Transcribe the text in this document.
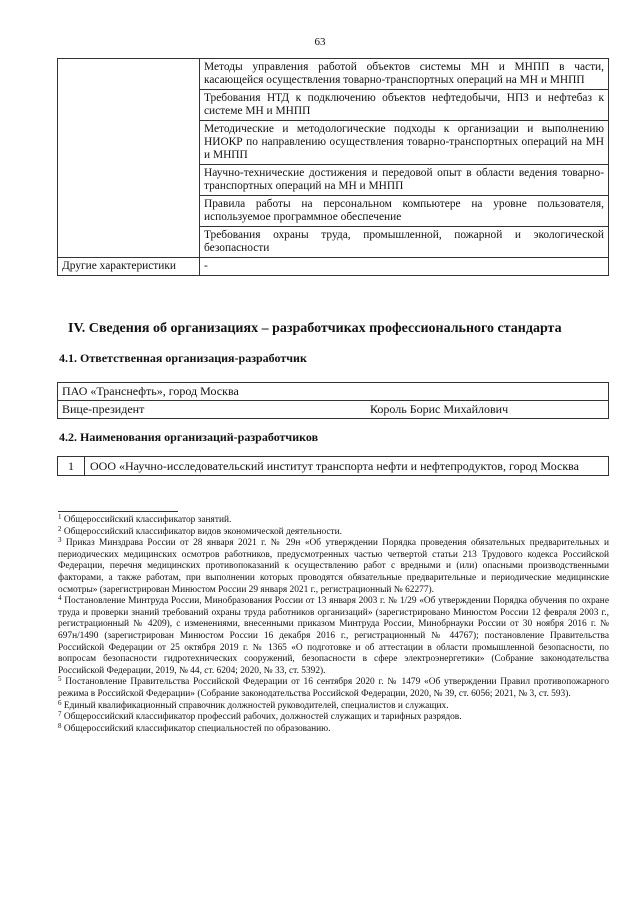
63
	Методы управления работой объектов системы МН и МНПП в части, касающейся осуществления товарно-транспортных операций на МН и МНПП
	Требования НТД к подключению объектов нефтедобычи, НПЗ и нефтебаз к системе МН и МНПП
	Методические и методологические подходы к организации и выполнению НИОКР по направлению осуществления товарно-транспортных операций на МН и МНПП
	Научно-технические достижения и передовой опыт в области ведения товарно-транспортных операций на МН и МНПП
	Правила работы на персональном компьютере на уровне пользователя, используемое программное обеспечение
	Требования охраны труда, промышленной, пожарной и экологической безопасности
Другие характеристики	-
IV. Сведения об организациях – разработчиках профессионального стандарта
4.1. Ответственная организация-разработчик
ПАО «Транснефть», город Москва
Вице-президент	Король Борис Михайлович
4.2. Наименования организаций-разработчиков
1	ООО «Научно-исследовательский институт транспорта нефти и нефтепродуктов, город Москва

$^1$ Общероссийский классификатор занятий.

$^2$ Общероссийский классификатор видов экономической деятельности.

$^3$ Приказ Минздрава России от 28 января 2021 г. № 29н «Об утверждении Порядка проведения обязательных предварительных и периодических медицинских осмотров работников, предусмотренных частью четвертой статьи 213 Трудового кодекса Российской Федерации, перечня медицинских противопоказаний к осуществлению работ с вредными и (или) опасными производственными факторами, а также работам, при выполнении которых проводятся обязательные предварительные и периодические медицинские осмотры» (зарегистрирован Минюстом России 29 января 2021 г., регистрационный № 62277).

$^4$ Постановление Минтруда России, Минобразования России от 13 января 2003 г. № 1/29 «Об утверждении Порядка обучения по охране труда и проверки знаний требований охраны труда работников организаций» (зарегистрировано Минюстом России 12 февраля 2003 г., регистрационный № 4209), с изменениями, внесенными приказом Минтруда России, Минобрнауки России от 30 ноября 2016 г. № 697н/1490 (зарегистрирован Минюстом России 16 декабря 2016 г., регистрационный № 44767); постановление Правительства Российской Федерации от 25 октября 2019 г. № 1365 «О подготовке и об аттестации в области промышленной безопасности, по вопросам безопасности гидротехнических сооружений, безопасности в сфере электроэнергетики» (Собрание законодательства Российской Федерации, 2019, № 44, ст. 6204; 2020, № 33, ст. 5392).

$^5$ Постановление Правительства Российской Федерации от 16 сентября 2020 г. № 1479 «Об утверждении Правил противопожарного режима в Российской Федерации» (Собрание законодательства Российской Федерации, 2020, № 39, ст. 6056; 2021, № 3, ст. 593).

$^6$ Единый квалификационный справочник должностей руководителей, специалистов и служащих.

$^7$ Общероссийский классификатор профессий рабочих, должностей служащих и тарифных разрядов.

$^8$ Общероссийский классификатор специальностей по образованию.
